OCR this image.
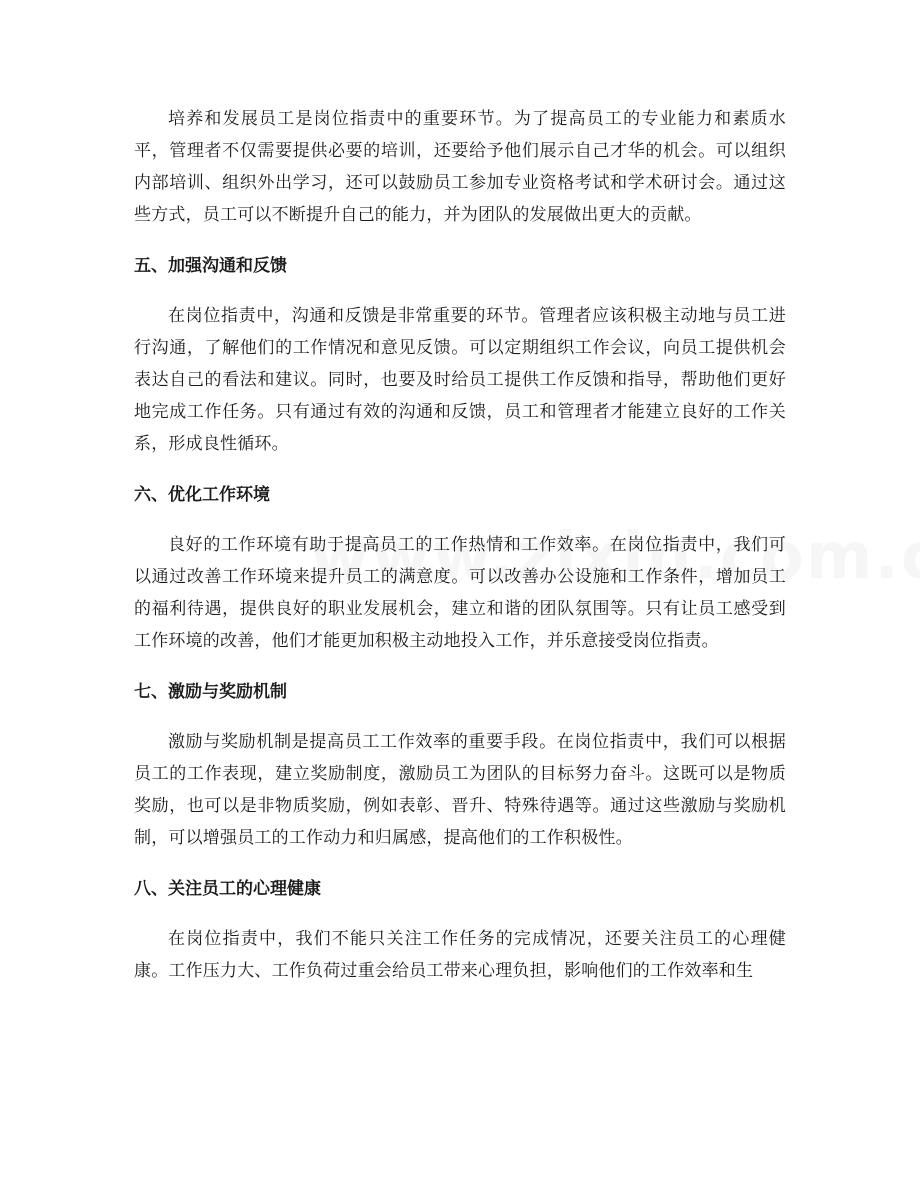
培养和发展员工是岗位指责中的重要环节。为了提高员工的专业能力和素质水平，管理者不仅需要提供必要的培训，还要给予他们展示自己才华的机会。可以组织内部培训、组织外出学习，还可以鼓励员工参加专业资格考试和学术研讨会。通过这些方式，员工可以不断提升自己的能力，并为团队的发展做出更大的贡献。

五、加强沟通和反馈

在岗位指责中，沟通和反馈是非常重要的环节。管理者应该积极主动地与员工进行沟通，了解他们的工作情况和意见反馈。可以定期组织工作会议，向员工提供机会表达自己的看法和建议。同时，也要及时给员工提供工作反馈和指导，帮助他们更好地完成工作任务。只有通过有效的沟通和反馈，员工和管理者才能建立良好的工作关系，形成良性循环。

六、优化工作环境

良好的工作环境有助于提高员工的工作热情和工作效率。在岗位指责中，我们可以通过改善工作环境来提升员工的满意度。可以改善办公设施和工作条件，增加员工的福利待遇，提供良好的职业发展机会，建立和谐的团队氛围等。只有让员工感受到工作环境的改善，他们才能更加积极主动地投入工作，并乐意接受岗位指责。

七、激励与奖励机制

激励与奖励机制是提高员工工作效率的重要手段。在岗位指责中，我们可以根据员工的工作表现，建立奖励制度，激励员工为团队的目标努力奋斗。这既可以是物质奖励，也可以是非物质奖励，例如表彰、晋升、特殊待遇等。通过这些激励与奖励机制，可以增强员工的工作动力和归属感，提高他们的工作积极性。

八、关注员工的心理健康

在岗位指责中，我们不能只关注工作任务的完成情况，还要关注员工的心理健康。工作压力大、工作负荷过重会给员工带来心理负担，影响他们的工作效率和生
